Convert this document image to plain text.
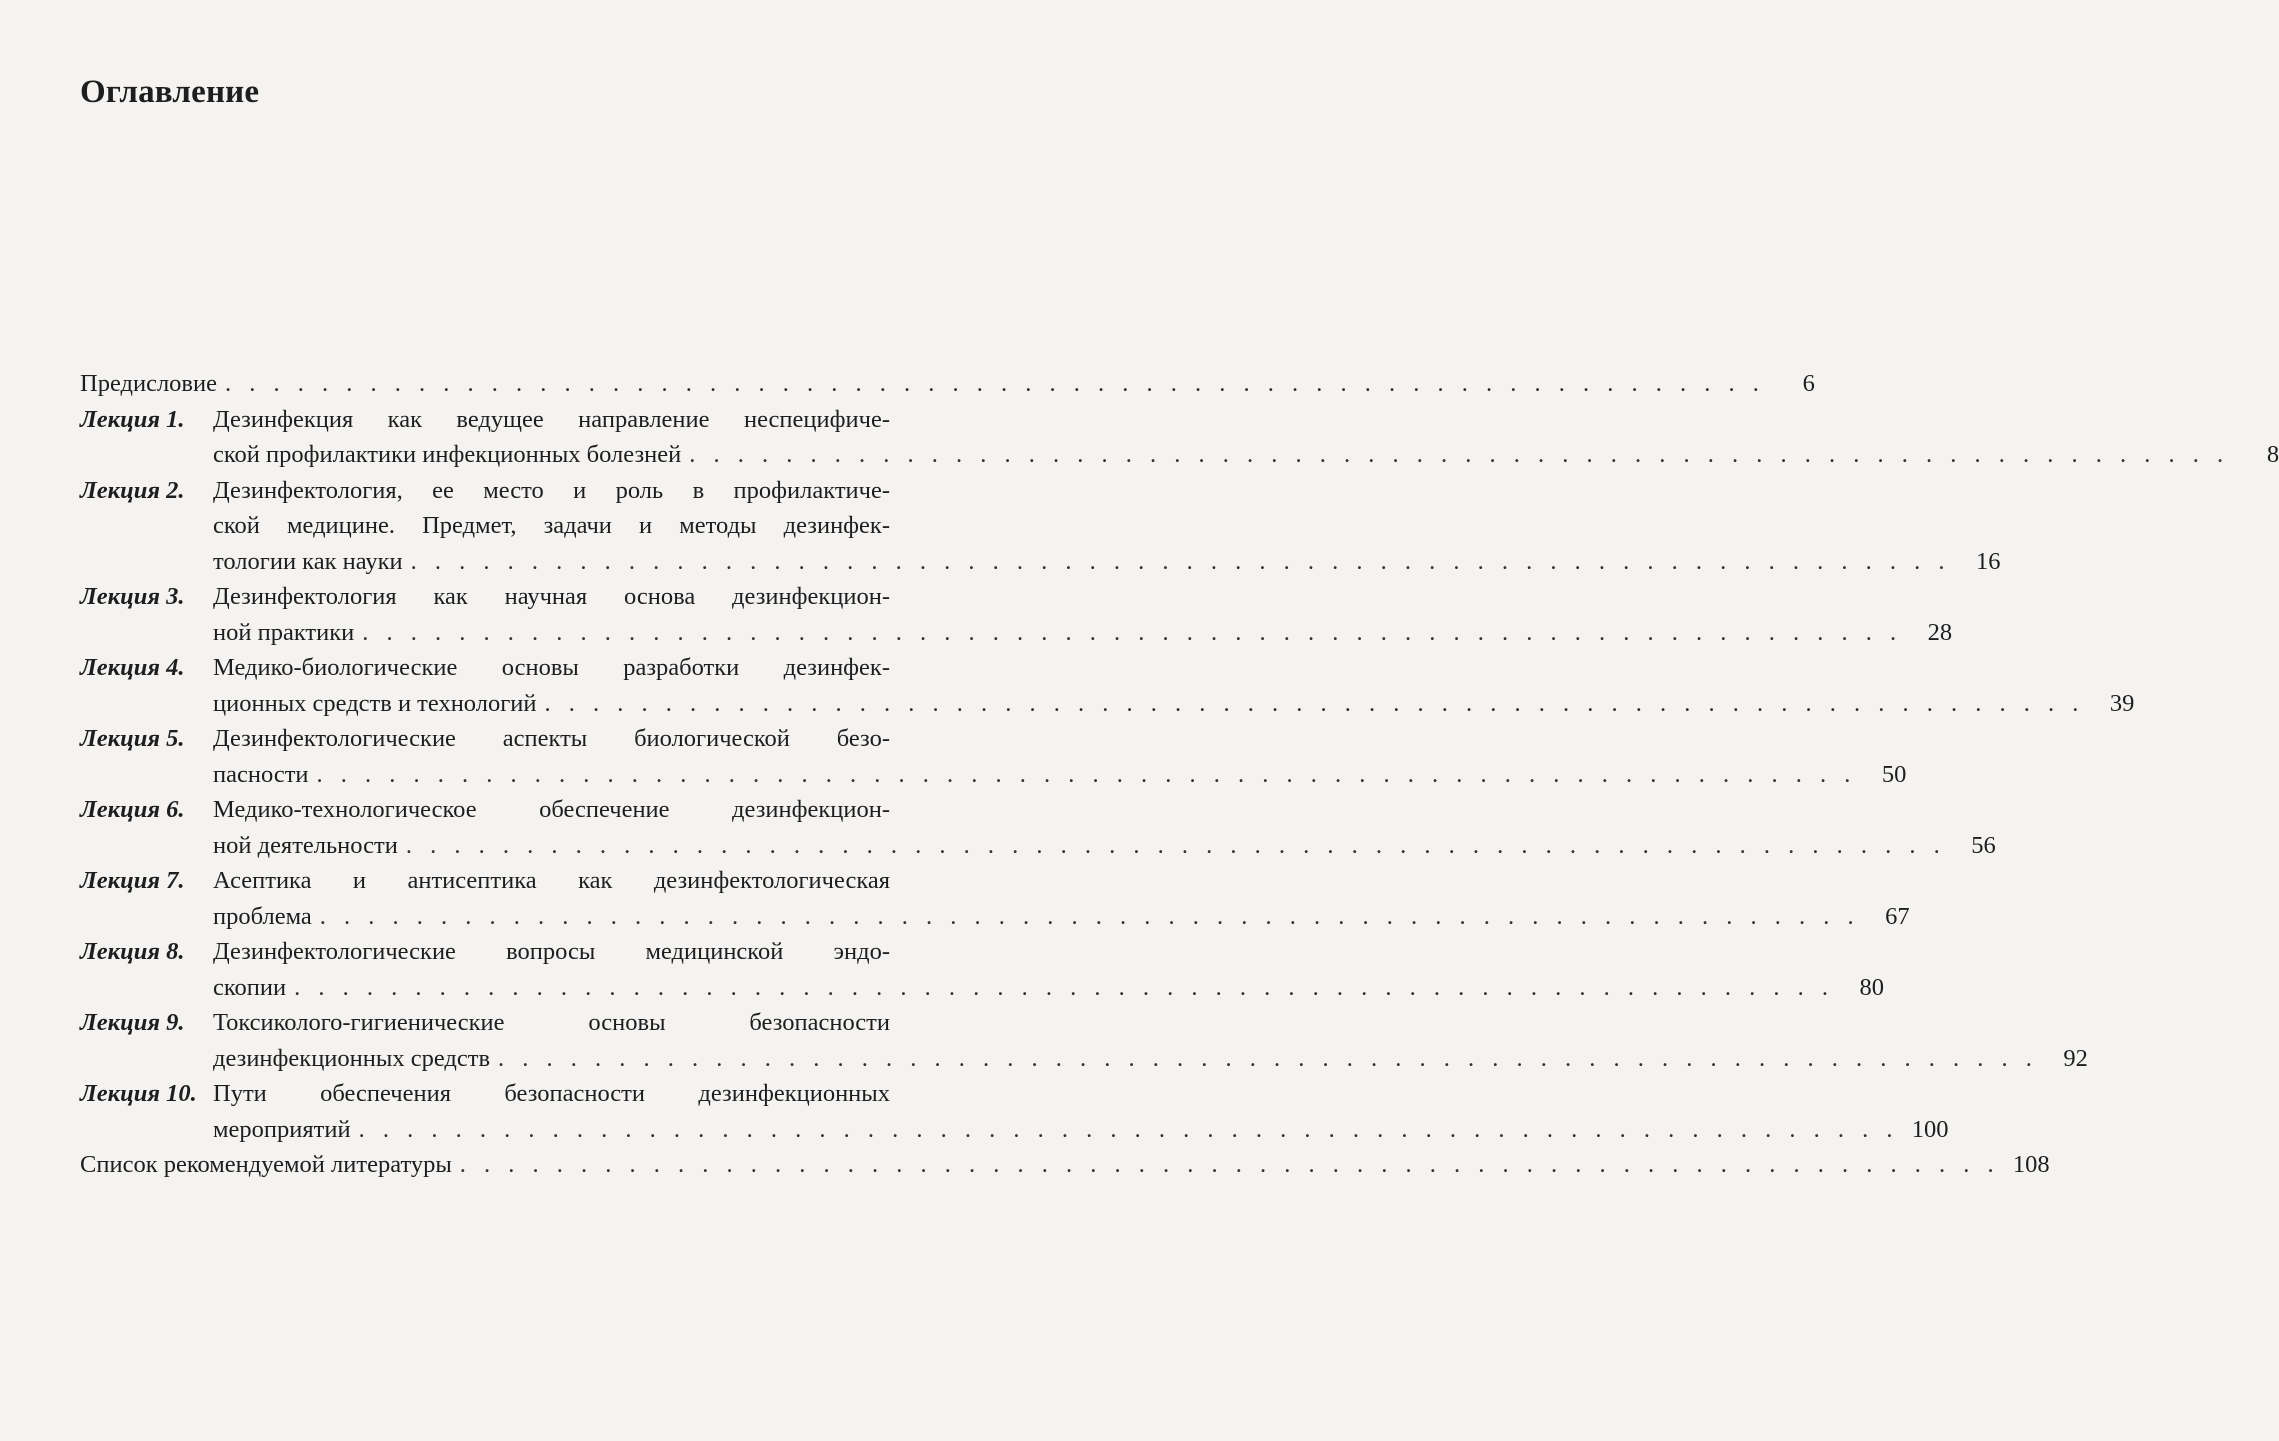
Оглавление
Предисловие . . . . . . . . . . . . . . . . . . . . . . . . . . . . . . . . . . . . . . . . . . . . . . . . . . . . . . . . . . . . . . . .	6
Лекция 1.	Дезинфекция как ведущее направление неспецифиче-
ской профилактики инфекционных болезней . . . . . . . . . . . . . . . . . . . . . . . . . . . . . . . . . . . . . . . . . . . . . . . . . . . . . . . . . . . . . . . .	8
Лекция 2.	Дезинфектология, ее место и роль в профилактиче-
ской медицине. Предмет, задачи и методы дезинфек-
тологии как науки . . . . . . . . . . . . . . . . . . . . . . . . . . . . . . . . . . . . . . . . . . . . . . . . . . . . . . . . . . . . . . . .	16
Лекция 3.	Дезинфектология как научная основа дезинфекцион-
ной практики . . . . . . . . . . . . . . . . . . . . . . . . . . . . . . . . . . . . . . . . . . . . . . . . . . . . . . . . . . . . . . . .	28
Лекция 4.	Медико-биологические основы разработки дезинфек-
ционных средств и технологий . . . . . . . . . . . . . . . . . . . . . . . . . . . . . . . . . . . . . . . . . . . . . . . . . . . . . . . . . . . . . . . .	39
Лекция 5.	Дезинфектологические аспекты биологической безо-
пасности . . . . . . . . . . . . . . . . . . . . . . . . . . . . . . . . . . . . . . . . . . . . . . . . . . . . . . . . . . . . . . . .	50
Лекция 6.	Медико-технологическое обеспечение дезинфекцион-
ной деятельности . . . . . . . . . . . . . . . . . . . . . . . . . . . . . . . . . . . . . . . . . . . . . . . . . . . . . . . . . . . . . . . .	56
Лекция 7.	Асептика и антисептика как дезинфектологическая
проблема . . . . . . . . . . . . . . . . . . . . . . . . . . . . . . . . . . . . . . . . . . . . . . . . . . . . . . . . . . . . . . . .	67
Лекция 8.	Дезинфектологические вопросы медицинской эндо-
скопии . . . . . . . . . . . . . . . . . . . . . . . . . . . . . . . . . . . . . . . . . . . . . . . . . . . . . . . . . . . . . . . .	80
Лекция 9.	Токсиколого-гигиенические основы безопасности
дезинфекционных средств . . . . . . . . . . . . . . . . . . . . . . . . . . . . . . . . . . . . . . . . . . . . . . . . . . . . . . . . . . . . . . . .	92
Лекция 10. Пути обеспечения безопасности дезинфекционных
мероприятий . . . . . . . . . . . . . . . . . . . . . . . . . . . . . . . . . . . . . . . . . . . . . . . . . . . . . . . . . . . . . . . . 100
Список рекомендуемой литературы . . . . . . . . . . . . . . . . . . . . . . . . . . . . . . . . . . . . . . . . . . . . . . . . . . . . . . . . . . . . . . . . 108
